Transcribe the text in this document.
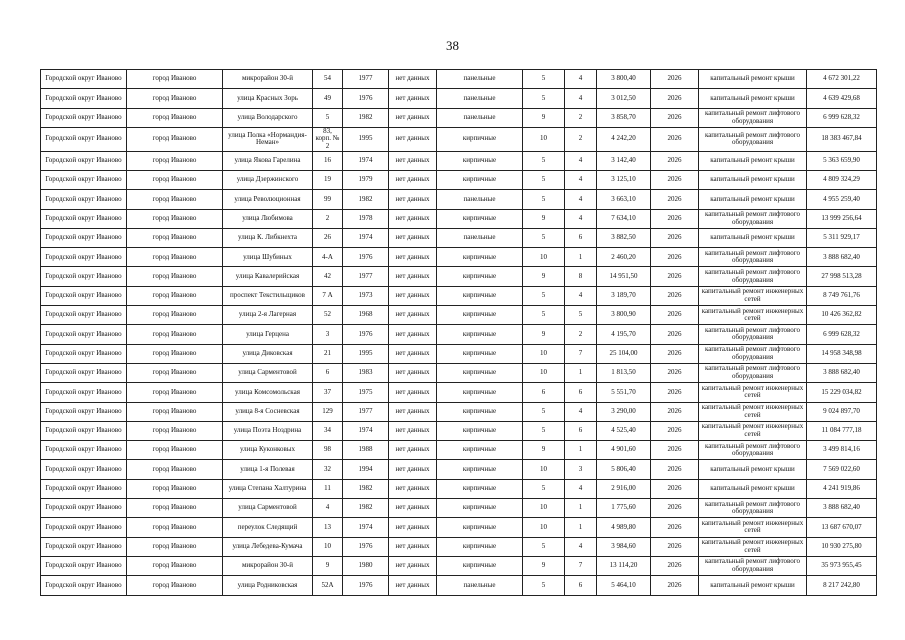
38
Городской округ Иваново	город Иваново	микрорайон 30-й	54	1977	нет данных	панельные	5	4	3 800,40	2026	капитальный ремонт крыши	4 672 301,22
Городской округ Иваново	город Иваново	улица Красных Зорь	49	1976	нет данных	панельные	5	4	3 012,50	2026	капитальный ремонт крыши	4 639 429,68
Городской округ Иваново	город Иваново	улица Володарского	5	1982	нет данных	панельные	9	2	3 858,70	2026	капитальный ремонт лифтового оборудования	6 999 628,32
Городской округ Иваново	город Иваново	улица Полка «Нормандия-Неман»	83, корп. № 2	1995	нет данных	кирпичные	10	2	4 242,20	2026	капитальный ремонт лифтового оборудования	18 383 467,84
Городской округ Иваново	город Иваново	улица Якова Гарелина	16	1974	нет данных	кирпичные	5	4	3 142,40	2026	капитальный ремонт крыши	5 363 659,90
Городской округ Иваново	город Иваново	улица Дзержинского	19	1979	нет данных	кирпичные	5	4	3 125,10	2026	капитальный ремонт крыши	4 809 324,29
Городской округ Иваново	город Иваново	улица Революционная	99	1982	нет данных	панельные	5	4	3 663,10	2026	капитальный ремонт крыши	4 955 259,40
Городской округ Иваново	город Иваново	улица Любимова	2	1978	нет данных	кирпичные	9	4	7 634,10	2026	капитальный ремонт лифтового оборудования	13 999 256,64
Городской округ Иваново	город Иваново	улица К. Либкнехта	26	1974	нет данных	панельные	5	6	3 882,50	2026	капитальный ремонт крыши	5 311 929,17
Городской округ Иваново	город Иваново	улица Шубиных	4-А	1976	нет данных	кирпичные	10	1	2 460,20	2026	капитальный ремонт лифтового оборудования	3 888 682,40
Городской округ Иваново	город Иваново	улица Кавалерийская	42	1977	нет данных	кирпичные	9	8	14 951,50	2026	капитальный ремонт лифтового оборудования	27 998 513,28
Городской округ Иваново	город Иваново	проспект Текстильщиков	7 А	1973	нет данных	кирпичные	5	4	3 189,70	2026	капитальный ремонт инженерных сетей	8 749 761,76
Городской округ Иваново	город Иваново	улица 2-я Лагерная	52	1968	нет данных	кирпичные	5	5	3 800,90	2026	капитальный ремонт инженерных сетей	10 426 362,82
Городской округ Иваново	город Иваново	улица Герцена	3	1976	нет данных	кирпичные	9	2	4 195,70	2026	капитальный ремонт лифтового оборудования	6 999 628,32
Городской округ Иваново	город Иваново	улица Диковская	21	1995	нет данных	кирпичные	10	7	25 104,00	2026	капитальный ремонт лифтового оборудования	14 958 348,98
Городской округ Иваново	город Иваново	улица Сарментовой	6	1983	нет данных	кирпичные	10	1	1 813,50	2026	капитальный ремонт лифтового оборудования	3 888 682,40
Городской округ Иваново	город Иваново	улица Комсомольская	37	1975	нет данных	кирпичные	6	6	5 551,70	2026	капитальный ремонт инженерных сетей	15 229 034,82
Городской округ Иваново	город Иваново	улица 8-я Сосневская	129	1977	нет данных	кирпичные	5	4	3 290,00	2026	капитальный ремонт инженерных сетей	9 024 897,70
Городской округ Иваново	город Иваново	улица Поэта Ноздрина	34	1974	нет данных	кирпичные	5	6	4 525,40	2026	капитальный ремонт инженерных сетей	11 084 777,18
Городской округ Иваново	город Иваново	улица Куконковых	98	1988	нет данных	кирпичные	9	1	4 901,60	2026	капитальный ремонт лифтового оборудования	3 499 814,16
Городской округ Иваново	город Иваново	улица 1-я Полевая	32	1994	нет данных	кирпичные	10	3	5 806,40	2026	капитальный ремонт крыши	7 569 022,60
Городской округ Иваново	город Иваново	улица Степана Халтурина	11	1982	нет данных	кирпичные	5	4	2 916,00	2026	капитальный ремонт крыши	4 241 919,86
Городской округ Иваново	город Иваново	улица Сарментовой	4	1982	нет данных	кирпичные	10	1	1 775,60	2026	капитальный ремонт лифтового оборудования	3 888 682,40
Городской округ Иваново	город Иваново	переулок Следящий	13	1974	нет данных	кирпичные	10	1	4 989,80	2026	капитальный ремонт инженерных сетей	13 687 670,07
Городской округ Иваново	город Иваново	улица Лебедева-Кумача	10	1976	нет данных	кирпичные	5	4	3 984,60	2026	капитальный ремонт инженерных сетей	10 930 275,80
Городской округ Иваново	город Иваново	микрорайон 30-й	9	1980	нет данных	кирпичные	9	7	13 114,20	2026	капитальный ремонт лифтового оборудования	35 973 955,45
Городской округ Иваново	город Иваново	улица Родниковская	52А	1976	нет данных	панельные	5	6	5 464,10	2026	капитальный ремонт крыши	8 217 242,80
